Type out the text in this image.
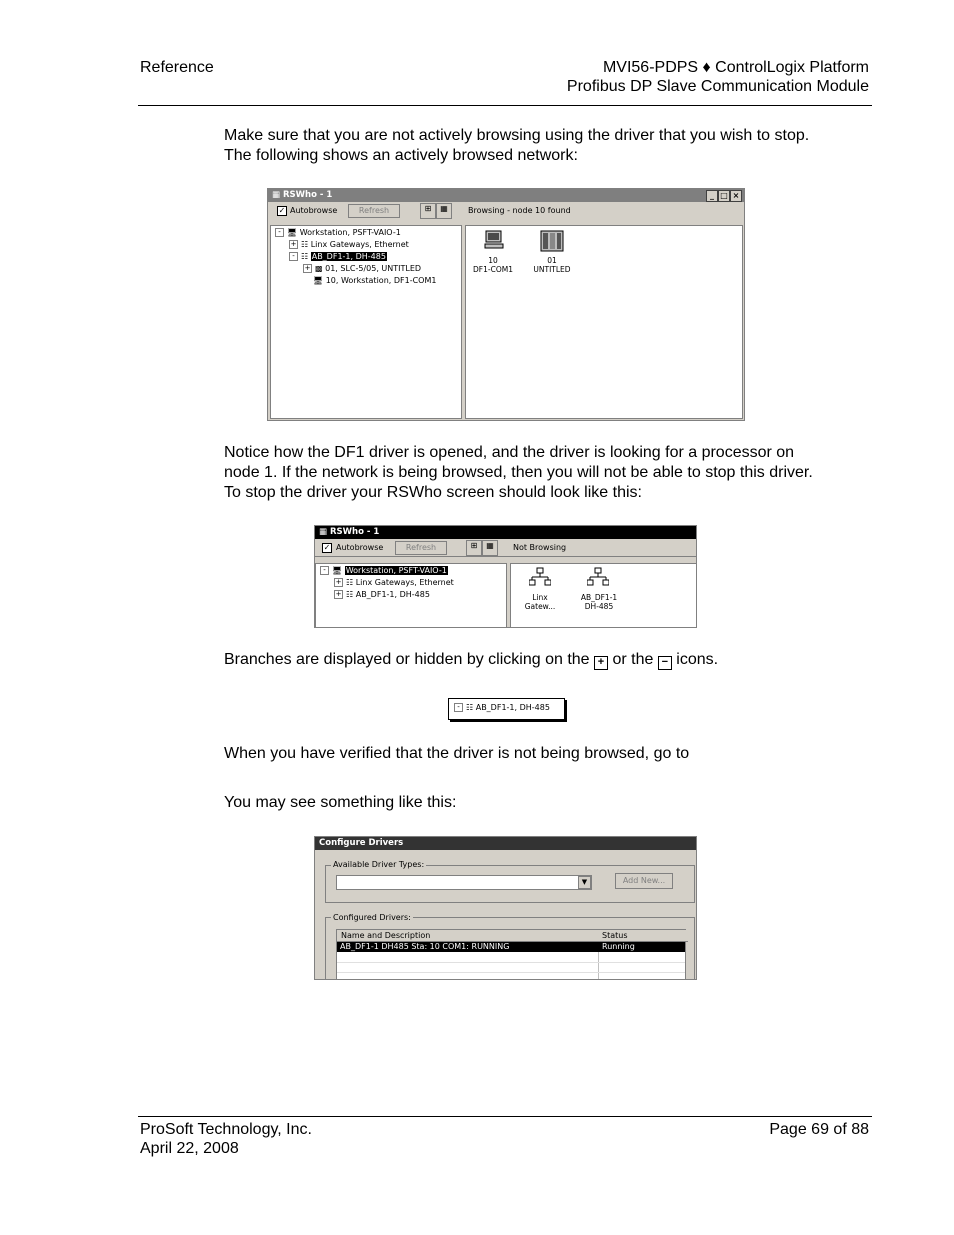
Reference	MVI56-PDPS ♦ ControlLogix Platform
Profibus DP Slave Communication Module
Make sure that you are not actively browsing using the driver that you wish to stop. The following shows an actively browsed network:
▦ RSWho - 1	_ □ ×
✓ Autobrowse	Refresh	⊞	▦	Browsing - node 10 found
- 🖥 Workstation, PSFT-VAIO-1
+ ☷ Linx Gateways, Ethernet
- ☷ AB_DF1-1, DH-485
+ ▩ 01, SLC-5/05, UNTITLED
🖥 10, Workstation, DF1-COM1
10
DF1-COM1
01
UNTITLED
Notice how the DF1 driver is opened, and the driver is looking for a processor on node 1. If the network is being browsed, then you will not be able to stop this driver. To stop the driver your RSWho screen should look like this:
▦ RSWho - 1
✓ Autobrowse	Refresh	⊞	▦	Not Browsing
- 🖥 Workstation, PSFT-VAIO-1
+ ☷ Linx Gateways, Ethernet
+ ☷ AB_DF1-1, DH-485	Linx
Gatew...
AB_DF1-1
DH-485
Branches are displayed or hidden by clicking on the + or the − icons.
- ☷ AB_DF1-1, DH-485
When you have verified that the driver is not being browsed, go to
You may see something like this:
Configure Drivers
Available Driver Types:
▼	Add New...
Configured Drivers:
Name and Description	Status
AB_DF1-1 DH485 Sta: 10 COM1: RUNNING	Running
ProSoft Technology, Inc.
April 22, 2008
Page 69 of 88
